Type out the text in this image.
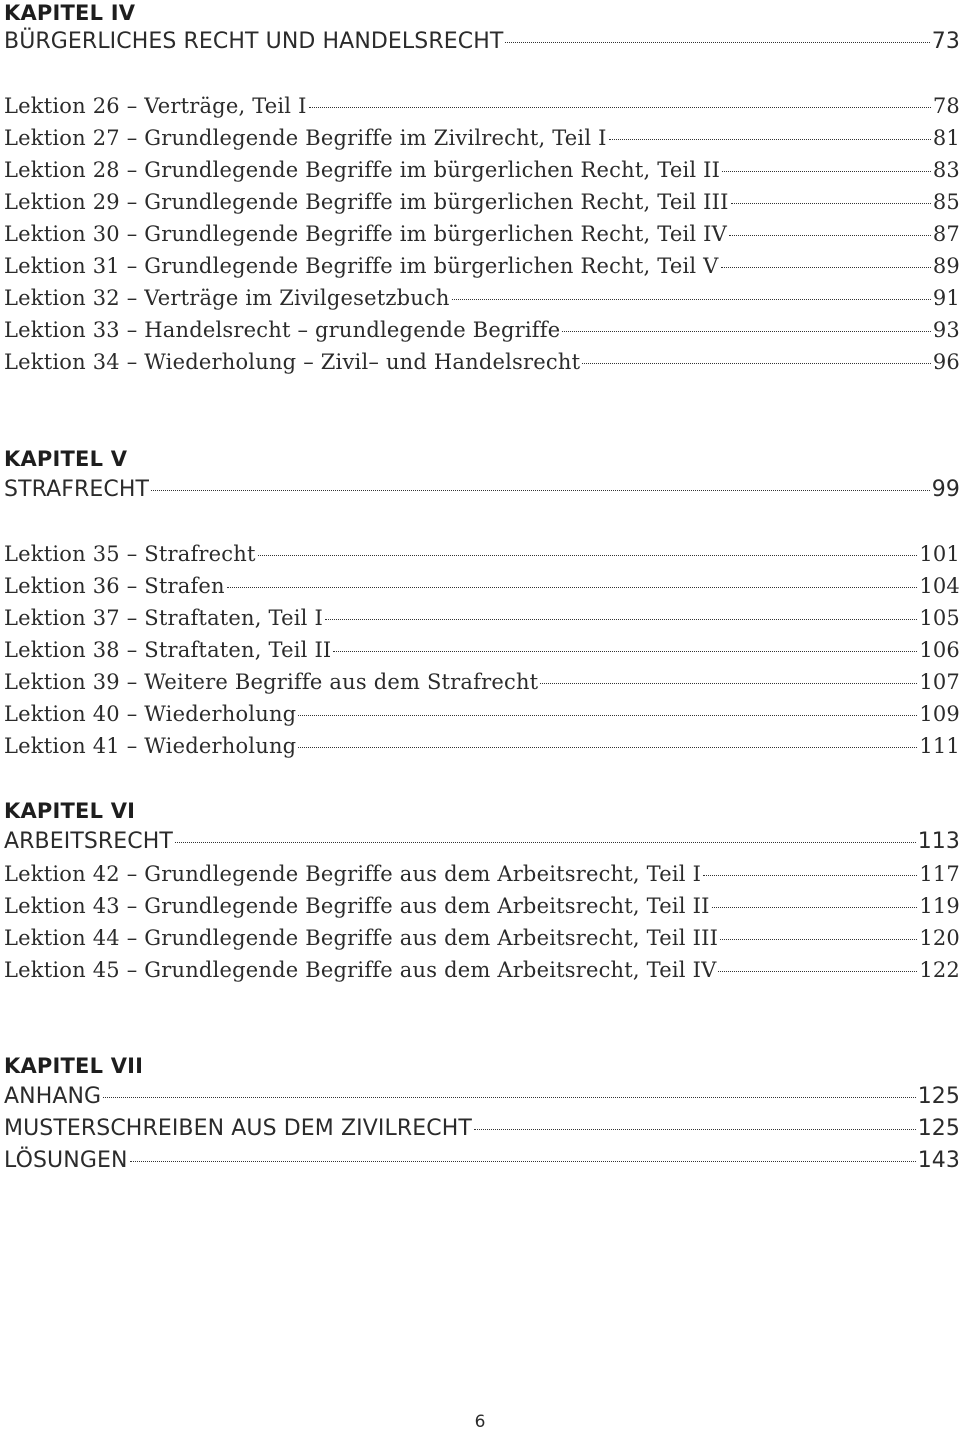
KAPITEL IV
BÜRGERLICHES RECHT UND HANDELSRECHT	73
Lektion 26 – Verträge, Teil I	78
Lektion 27 – Grundlegende Begriffe im Zivilrecht, Teil I	81
Lektion 28 – Grundlegende Begriffe im bürgerlichen Recht, Teil II	83
Lektion 29 – Grundlegende Begriffe im bürgerlichen Recht, Teil III	85
Lektion 30 – Grundlegende Begriffe im bürgerlichen Recht, Teil IV	87
Lektion 31 – Grundlegende Begriffe im bürgerlichen Recht, Teil V	89
Lektion 32 – Verträge im Zivilgesetzbuch	91
Lektion 33 – Handelsrecht – grundlegende Begriffe	93
Lektion 34 – Wiederholung – Zivil– und Handelsrecht	96
KAPITEL V
STRAFRECHT	99
Lektion 35 – Strafrecht	101
Lektion 36 – Strafen	104
Lektion 37 – Straftaten, Teil I	105
Lektion 38 – Straftaten, Teil II	106
Lektion 39 – Weitere Begriffe aus dem Strafrecht	107
Lektion 40 – Wiederholung	109
Lektion 41 – Wiederholung	111
KAPITEL VI
ARBEITSRECHT	113
Lektion 42 – Grundlegende Begriffe aus dem Arbeitsrecht, Teil I	117
Lektion 43 – Grundlegende Begriffe aus dem Arbeitsrecht, Teil II	119
Lektion 44 – Grundlegende Begriffe aus dem Arbeitsrecht, Teil III	120
Lektion 45 – Grundlegende Begriffe aus dem Arbeitsrecht, Teil IV	122
KAPITEL VII
ANHANG	125
MUSTERSCHREIBEN AUS DEM ZIVILRECHT	125
LÖSUNGEN	143
6
